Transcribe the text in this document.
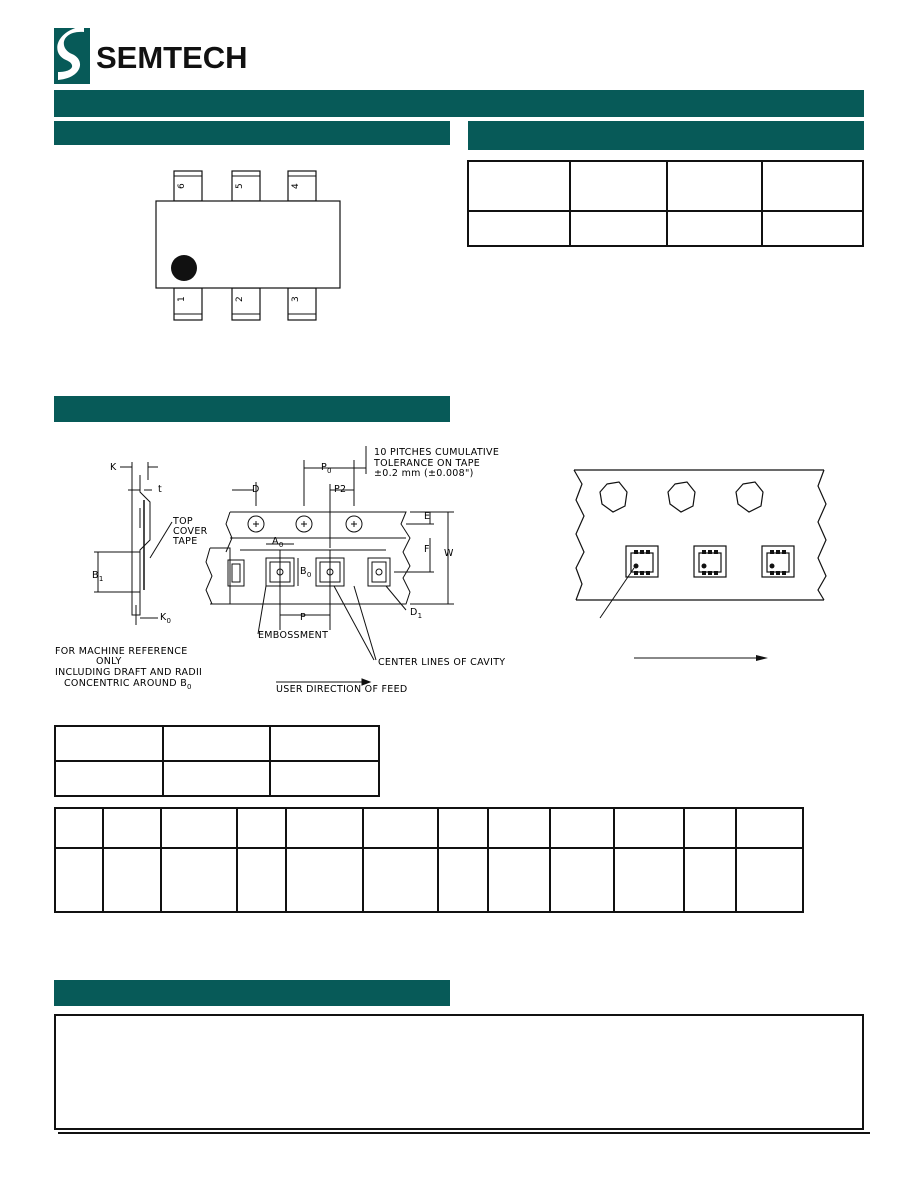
SEMTECH
6	5	4
1	2	3

10 PITCHES CUMULATIVE
TOLERANCE ON TAPE
±0.2 mm (±0.008")
K
t	D
$P_0$
P2
E
F W
$A_0$
$B_0$
$B_1$
$K_0$
$D_1$
P
TOP
COVER
TAPE
EMBOSSMENT
CENTER LINES OF CAVITY
USER DIRECTION OF FEED
FOR MACHINE REFERENCE
ONLY
INCLUDING DRAFT AND RADII
CONCENTRIC AROUND $B_0$
